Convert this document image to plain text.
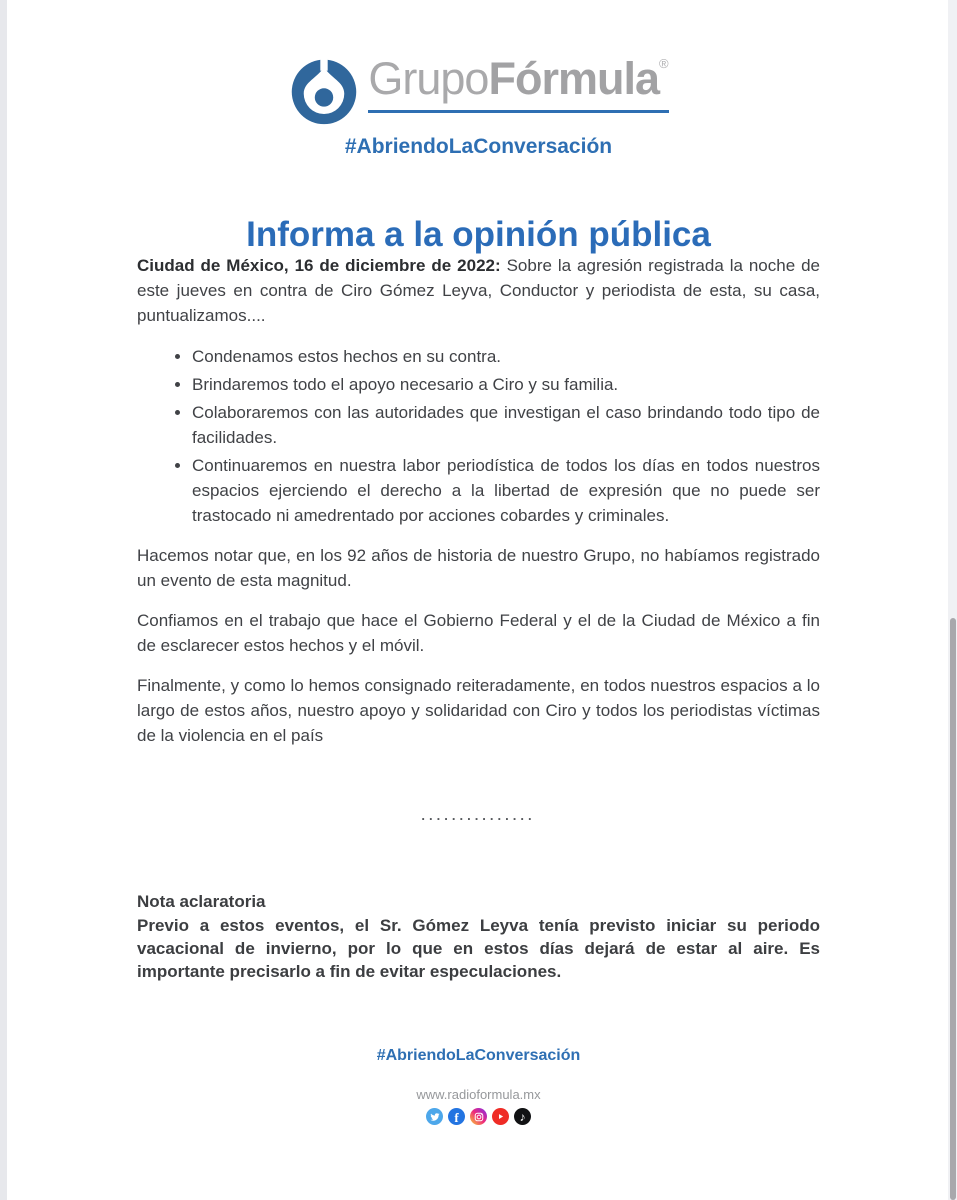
GrupoFórmula®
#AbriendoLaConversación
Informa a la opinión pública

Ciudad de México, 16 de diciembre de 2022: Sobre la agresión registrada la noche de este jueves en contra de Ciro Gómez Leyva, Conductor y periodista de esta, su casa, puntualizamos....

• Condenamos estos hechos en su contra.
• Brindaremos todo el apoyo necesario a Ciro y su familia.
• Colaboraremos con las autoridades que investigan el caso brindando todo tipo de facilidades.
• Continuaremos en nuestra labor periodística de todos los días en todos nuestros espacios ejerciendo el derecho a la libertad de expresión que no puede ser trastocado ni amedrentado por acciones cobardes y criminales.

Hacemos notar que, en los 92 años de historia de nuestro Grupo, no habíamos registrado un evento de esta magnitud.

Confiamos en el trabajo que hace el Gobierno Federal y el de la Ciudad de México a fin de esclarecer estos hechos y el móvil.

Finalmente, y como lo hemos consignado reiteradamente, en todos nuestros espacios a lo largo de estos años, nuestro apoyo y solidaridad con Ciro y todos los periodistas víctimas de la violencia en el país

...............

Nota aclaratoria

Previo a estos eventos, el Sr. Gómez Leyva tenía previsto iniciar su periodo vacacional de invierno, por lo que en estos días dejará de estar al aire. Es importante precisarlo a fin de evitar especulaciones.

#AbriendoLaConversación
www.radioformula.mx
f	♪
